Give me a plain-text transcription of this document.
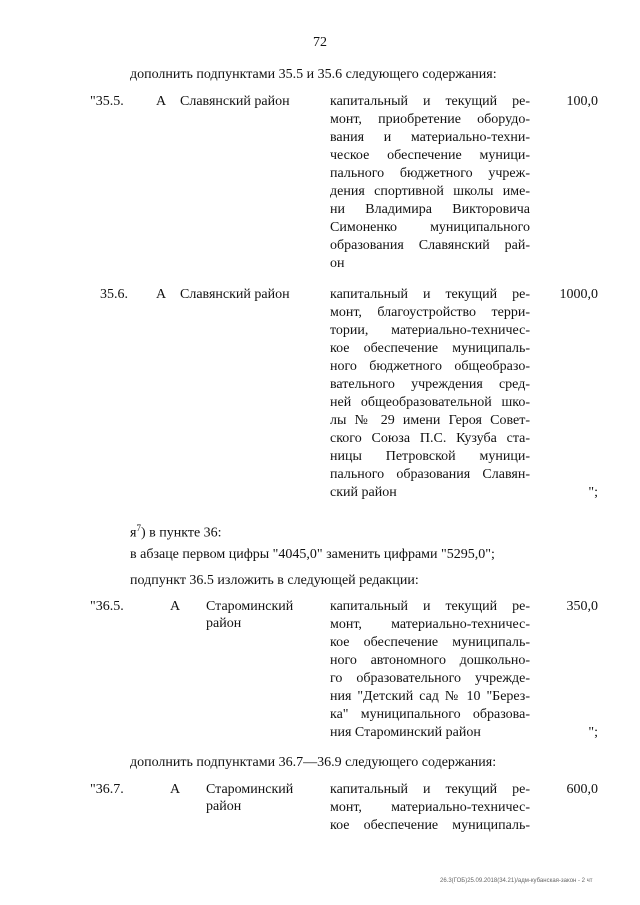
72
дополнить подпунктами 35.5 и 35.6 следующего содержания:
"35.5. А Славянский район	капитальный и текущий ре-
монт, приобретение оборудо-
вания и материально-техни-
ческое обеспечение муници-
пального бюджетного учреж-
дения спортивной школы име-
ни Владимира Викторовича
Симоненко муниципального
образования Славянский рай-
он
100,0
35.6. А Славянский район	капитальный и текущий ре-
монт, благоустройство терри-
тории, материально-техничес-
кое обеспечение муниципаль-
ного бюджетного общеобразо-
вательного учреждения сред-
ней общеобразовательной шко-
лы № 29 имени Героя Совет-
ского Союза П.С. Кузуба ста-
ницы Петровской муници-
пального образования Славян-
ский район
1000,0
";
$я^7$) в пункте 36:
в абзаце первом цифры "4045,0" заменить цифрами "5295,0";
подпункт 36.5 изложить в следующей редакции:
"36.5.	А Староминский
район
капитальный и текущий ре-
монт, материально-техничес-
кое обеспечение муниципаль-
ного автономного дошкольно-
го образовательного учрежде-
ния "Детский сад № 10 "Берез-
ка" муниципального образова-
ния Староминский район
350,0
";
дополнить подпунктами 36.7—36.9 следующего содержания:
"36.7.	А Староминский
район
капитальный и текущий ре-
монт, материально-техничес-
кое обеспечение муниципаль-
600,0
26.3(ГОБ)25.09.2018(34.21)/адм-кубанская-закон - 2 чт
